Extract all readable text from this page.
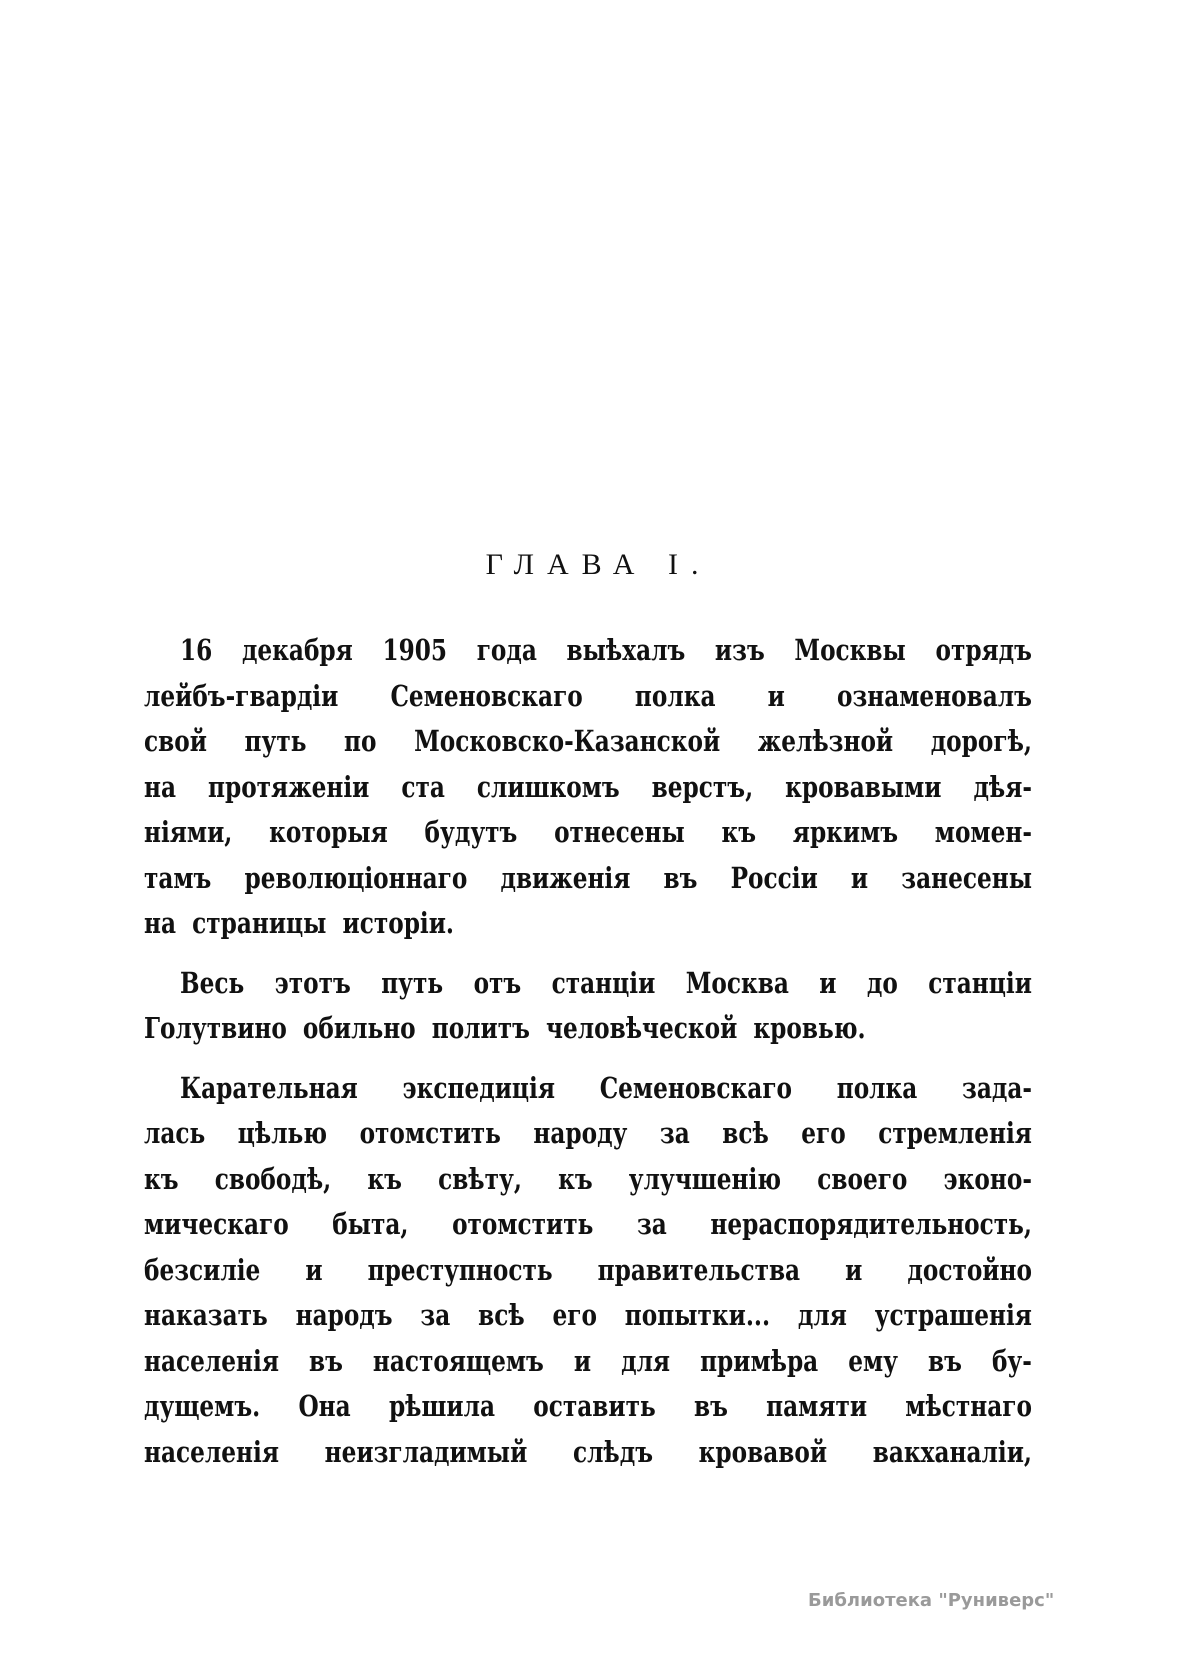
ГЛАВА I.
16 декабря 1905 года выѣхалъ изъ Москвы отрядъ
лейбъ-гвардiи Семеновскаго полка и ознаменовалъ
свой путь по Московско-Казанской желѣзной дорогѣ,
на протяженiи ста слишкомъ верстъ, кровавыми дѣя-
нiями, которыя будутъ отнесены къ яркимъ момен-
тамъ революцiоннаго движенiя въ Россiи и занесены
на страницы исторiи.
Весь этотъ путь отъ станцiи Москва и до станцiи
Голутвино обильно политъ человѣческой кровью.
Карательная экспедицiя Семеновскаго полка зада-
лась цѣлью отомстить народу за всѣ его стремленiя
къ свободѣ, къ свѣту, къ улучшенiю своего эконо-
мическаго быта, отомстить за нераспорядительность,
безсилiе и преступность правительства и достойно
наказать народъ за всѣ его попытки... для устрашенiя
населенiя въ настоящемъ и для примѣра ему въ бу-
дущемъ. Она рѣшила оставить въ памяти мѣстнаго
населенiя неизгладимый слѣдъ кровавой вакханалiи,
Библиотека "Руниверс"
